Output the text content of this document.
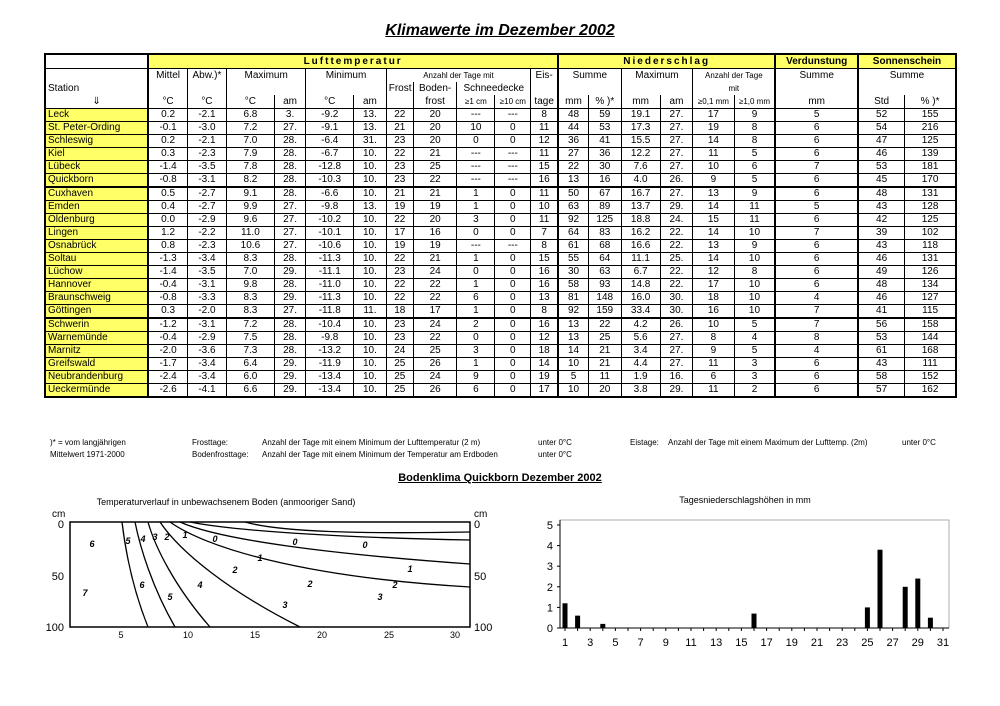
Klimawerte im Dezember 2002
	Lufttemperatur											Niederschlag						Verdunstung	Sonnenschein	
	Mittel	Abw.)*	Maximum		Minimum		Anzahl der Tage mit				Eis-	Summe		Maximum		Anzahl der Tage		Summe	Summe	
Station							Frost	Boden-	Schneedecke							mit				
⇓	°C	°C	°C	am	°C	am		frost	≥1 cm	≥10 cm	tage	mm	% )*	mm	am	≥0,1 mm	≥1,0 mm	mm	Std	% )*
Leck	0.2	-2.1	6.8	3.	-9.2	13.	22	20	---	---	8	48	59	19.1	27.	17	9	5	52	155
St. Peter-Ording	-0.1	-3.0	7.2	27.	-9.1	13.	21	20	10	0	11	44	53	17.3	27.	19	8	6	54	216
Schleswig	0.2	-2.1	7.0	28.	-6.4	31.	23	20	0	0	12	36	41	15.5	27.	14	8	6	47	125
Kiel	0.3	-2.3	7.9	28.	-6.7	10.	22	21	---	---	11	27	36	12.2	27.	11	5	6	46	139
Lübeck	-1.4	-3.5	7.8	28.	-12.8	10.	23	25	---	---	15	22	30	7.6	27.	10	6	7	53	181
Quickborn	-0.8	-3.1	8.2	28.	-10.3	10.	23	22	---	---	16	13	16	4.0	26.	9	5	6	45	170
Cuxhaven	0.5	-2.7	9.1	28.	-6.6	10.	21	21	1	0	11	50	67	16.7	27.	13	9	6	48	131
Emden	0.4	-2.7	9.9	27.	-9.8	13.	19	19	1	0	10	63	89	13.7	29.	14	11	5	43	128
Oldenburg	0.0	-2.9	9.6	27.	-10.2	10.	22	20	3	0	11	92	125	18.8	24.	15	11	6	42	125
Lingen	1.2	-2.2	11.0	27.	-10.1	10.	17	16	0	0	7	64	83	16.2	22.	14	10	7	39	102
Osnabrück	0.8	-2.3	10.6	27.	-10.6	10.	19	19	---	---	8	61	68	16.6	22.	13	9	6	43	118
Soltau	-1.3	-3.4	8.3	28.	-11.3	10.	22	21	1	0	15	55	64	11.1	25.	14	10	6	46	131
Lüchow	-1.4	-3.5	7.0	29.	-11.1	10.	23	24	0	0	16	30	63	6.7	22.	12	8	6	49	126
Hannover	-0.4	-3.1	9.8	28.	-11.0	10.	22	22	1	0	16	58	93	14.8	22.	17	10	6	48	134
Braunschweig	-0.8	-3.3	8.3	29.	-11.3	10.	22	22	6	0	13	81	148	16.0	30.	18	10	4	46	127
Göttingen	0.3	-2.0	8.3	27.	-11.8	11.	18	17	1	0	8	92	159	33.4	30.	16	10	7	41	115
Schwerin	-1.2	-3.1	7.2	28.	-10.4	10.	23	24	2	0	16	13	22	4.2	26.	10	5	7	56	158
Warnemünde	-0.4	-2.9	7.5	28.	-9.8	10.	23	22	0	0	12	13	25	5.6	27.	8	4	8	53	144
Marnitz	-2.0	-3.6	7.3	28.	-13.2	10.	24	25	3	0	18	14	21	3.4	27.	9	5	4	61	168
Greifswald	-1.7	-3.4	6.4	29.	-11.9	10.	25	26	1	0	14	10	21	4.4	27.	11	3	6	43	111
Neubrandenburg	-2.4	-3.4	6.0	29.	-13.4	10.	25	24	9	0	19	5	11	1.9	16.	6	3	6	58	152
Ueckermünde	-2.6	-4.1	6.6	29.	-13.4	10.	25	26	6	0	17	10	20	3.8	29.	11	2	6	57	162
)* = vom langjährigen
Mittelwert 1971-2000
Frosttage:
Bodenfrosttage:
Anzahl der Tage mit einem Minimum der Lufttemperatur (2 m)
Anzahl der Tage mit einem Minimum der Temperatur am Erdboden
unter 0°C
unter 0°C
Eistage: Anzahl der Tage mit einem Maximum der Lufttemp. (2m)	unter 0°C
Bodenklima Quickborn Dezember 2002
Temperaturverlauf in unbewachsenem Boden (anmooriger Sand)
cm	cm
6	5 4 3 2 1	0	0
1
1
2
2
3
7
6
5
4
3
2
0
0
50
100
0
50
100
5	10	15	20	25	30
Tagesniederschlagshöhen in mm
0
1
2
3
4
5
1 3 5 7 9 11 13 15 17 19 21 23 25 27 29 31
